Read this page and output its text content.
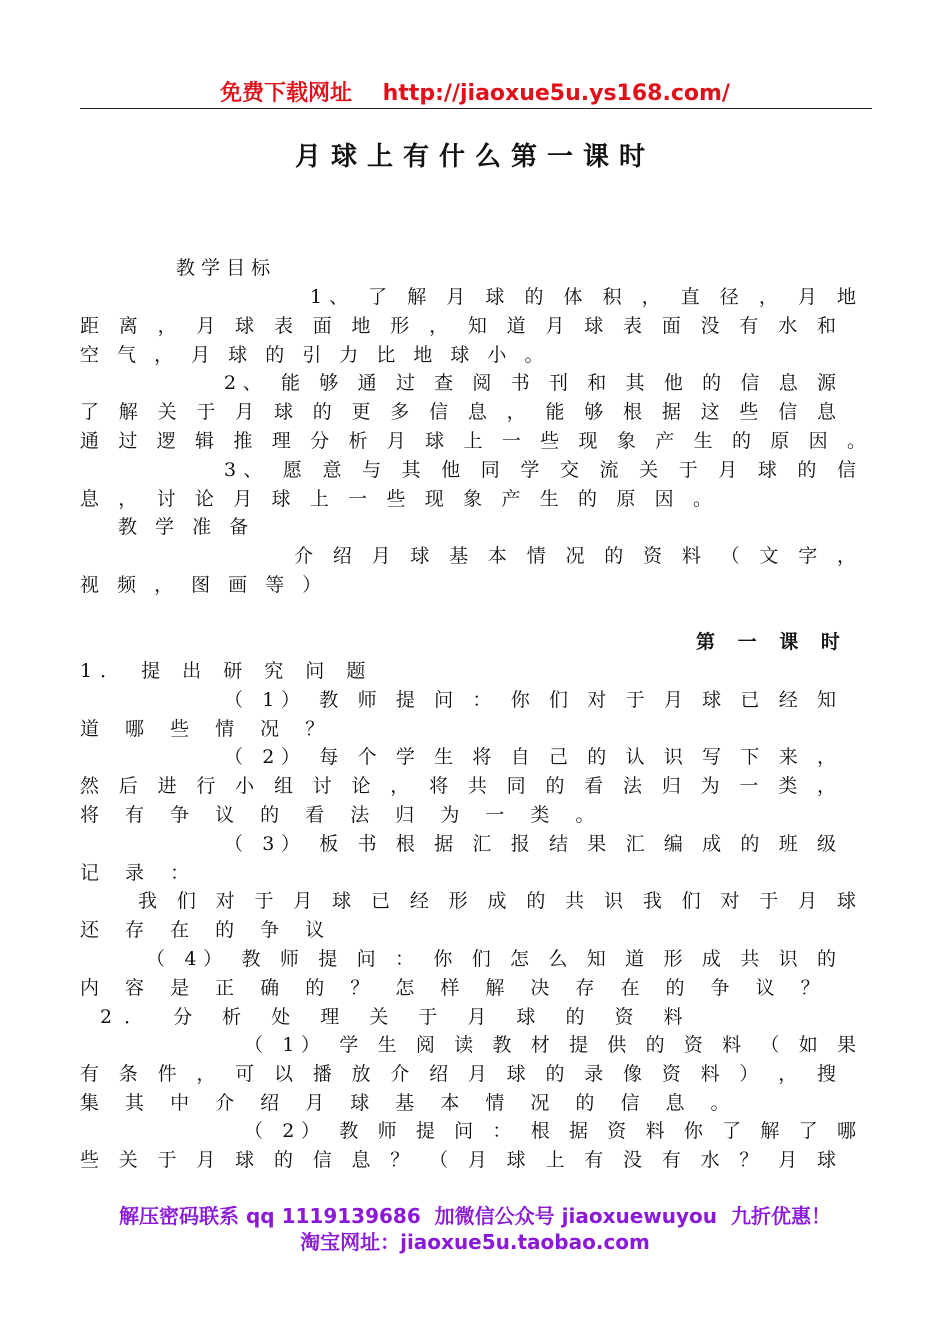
免费下载网址 http://jiaoxue5u.ys168.com/
月球上有什么第一课时
教 学 目 标
1、 了 解 月 球 的 体 积 ， 直 径 ， 月 地
距 离 ， 月 球 表 面 地 形 ， 知 道 月 球 表 面 没 有 水 和
空 气 ， 月 球 的 引 力 比 地 球 小 。
2、 能 够 通 过 查 阅 书 刊 和 其 他 的 信 息 源
了 解 关 于 月 球 的 更 多 信 息 ， 能 够 根 据 这 些 信 息
通 过 逻 辑 推 理 分 析 月 球 上 一 些 现 象 产 生 的 原 因 。
3、 愿 意 与 其 他 同 学 交 流 关 于 月 球 的 信
息 ， 讨 论 月 球 上 一 些 现 象 产 生 的 原 因 。
教 学 准 备
介 绍 月 球 基 本 情 况 的 资 料 （ 文 字 ，
视 频 ， 图 画 等 ）
第 一 课 时
1． 提 出 研 究 问 题
（ 1） 教 师 提 问 ： 你 们 对 于 月 球 已 经 知
道 哪 些 情 况 ？
（ 2） 每 个 学 生 将 自 己 的 认 识 写 下 来 ，
然 后 进 行 小 组 讨 论 ， 将 共 同 的 看 法 归 为 一 类 ，
将 有 争 议 的 看 法 归 为 一 类 。
（ 3） 板 书 根 据 汇 报 结 果 汇 编 成 的 班 级
记 录 ：
我 们 对 于 月 球 已 经 形 成 的 共 识 我 们 对 于 月 球
还 存 在 的 争 议
（ 4） 教 师 提 问 ： 你 们 怎 么 知 道 形 成 共 识 的
内 容 是 正 确 的 ？ 怎 样 解 决 存 在 的 争 议 ？
2． 分 析 处 理 关 于 月 球 的 资 料
（ 1） 学 生 阅 读 教 材 提 供 的 资 料 （ 如 果
有 条 件 ， 可 以 播 放 介 绍 月 球 的 录 像 资 料 ） ， 搜
集 其 中 介 绍 月 球 基 本 情 况 的 信 息 。
（ 2） 教 师 提 问 ： 根 据 资 料 你 了 解 了 哪
些 关 于 月 球 的 信 息 ？ （ 月 球 上 有 没 有 水 ？ 月 球
解压密码联系 qq 1119139686  加微信公众号 jiaoxuewuyou  九折优惠！
淘宝网址：jiaoxue5u.taobao.com
